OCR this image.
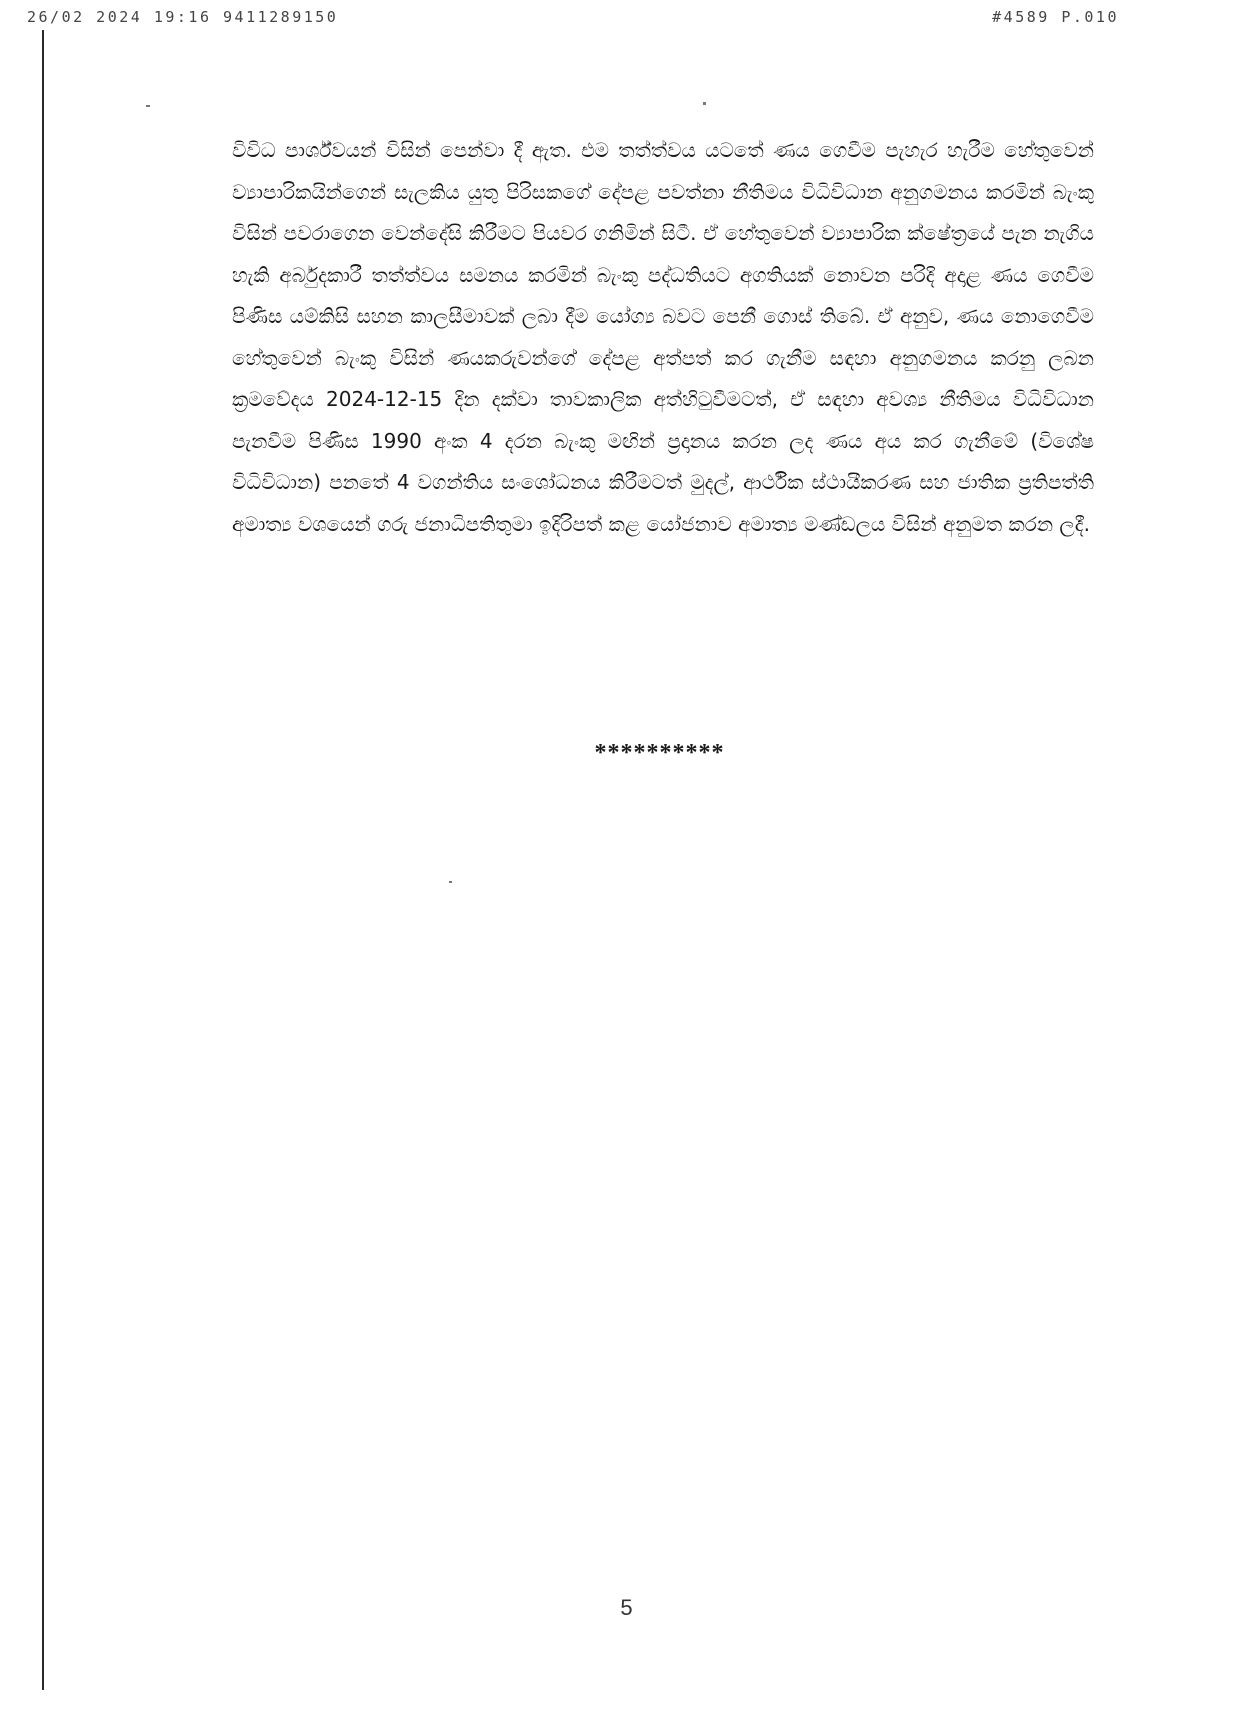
26/02 2024 19:16 9411289150	#4589 P.010

විවිධ පාර්ශ්වයන් විසින් පෙන්වා දී ඇත. එම තත්ත්වය යටතේ ණය ගෙවීම පැහැර හැරීම හේතුවෙන් ව්‍යාපාරිකයින්ගෙන් සැලකිය යුතු පිරිසකගේ දේපළ පවත්නා නීතිමය විධිවිධාන අනුගමනය කරමින් බැංකු විසින් පවරාගෙන වෙන්දේසි කිරීමට පියවර ගනිමින් සිටී. ඒ හේතුවෙන් ව්‍යාපාරික ක්ෂේත්‍රයේ පැන නැගිය හැකි අර්බුදකාරී තත්ත්වය සමනය කරමින් බැංකු පද්ධතියට අගතියක් නොවන පරිදි අදාළ ණය ගෙවීම පිණිස යම්කිසි සහන කාලසීමාවක් ලබා දීම යෝග්‍ය බවට පෙනී ගොස් තිබේ. ඒ අනුව, ණය නොගෙවීම හේතුවෙන් බැංකු විසින් ණයකරුවන්ගේ දේපළ අත්පත් කර ගැනීම සඳහා අනුගමනය කරනු ලබන ක්‍රමවේදය 2024-12-15 දින දක්වා තාවකාලික අත්හිටුවීමටත්, ඒ සඳහා අවශ්‍ය නීතිමය විධිවිධාන පැනවීම පිණිස 1990 අංක 4 දරන බැංකු මඟින් ප්‍රදානය කරන ලද ණය අය කර ගැනීමේ (විශේෂ විධිවිධාන) පනතේ 4 වගන්තිය සංශෝධනය කිරීමටත් මුදල්, ආර්ථික ස්ථායීකරණ සහ ජාතික ප්‍රතිපත්ති අමාත්‍ය වශයෙන් ගරු ජනාධිපතිතුමා ඉදිරිපත් කළ යෝජනාව අමාත්‍ය මණ්ඩලය විසින් අනුමත කරන ලදී.

**********
5
